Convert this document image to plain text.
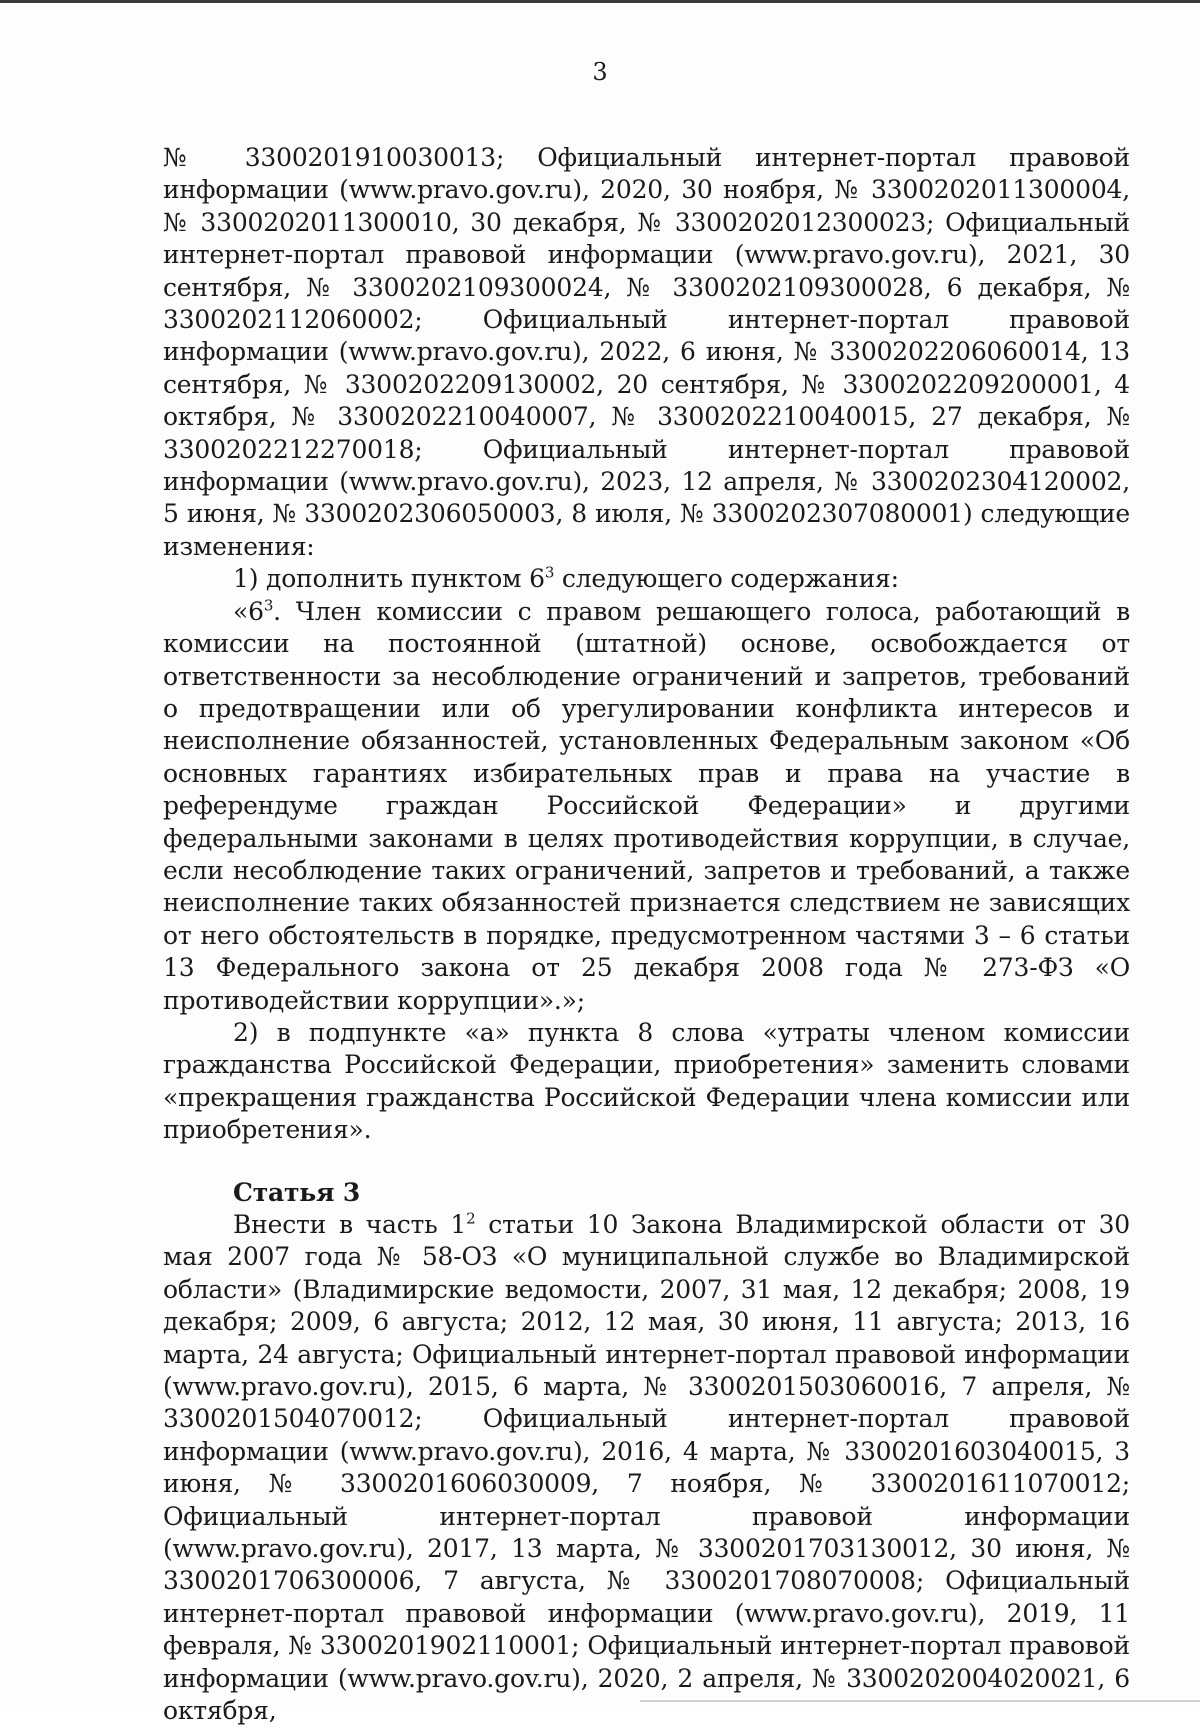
3

№ 3300201910030013; Официальный интернет-портал правовой информации (www.pravo.gov.ru), 2020, 30 ноября, № 3300202011300004, № 3300202011300010, 30 декабря, № 3300202012300023; Официальный интернет-портал правовой информации (www.pravo.gov.ru), 2021, 30 сентября, № 3300202109300024, № 3300202109300028, 6 декабря, № 3300202112060002; Официальный интернет-портал правовой информации (www.pravo.gov.ru), 2022, 6 июня, № 3300202206060014, 13 сентября, № 3300202209130002, 20 сентября, № 3300202209200001, 4 октября, № 3300202210040007, № 3300202210040015, 27 декабря, № 3300202212270018; Официальный интернет-портал правовой информации (www.pravo.gov.ru), 2023, 12 апреля, № 3300202304120002, 5 июня, № 3300202306050003, 8 июля, № 3300202307080001) следующие изменения:

1) дополнить пунктом $6^3$ следующего содержания:

«$6^3$. Член комиссии с правом решающего голоса, работающий в комиссии на постоянной (штатной) основе, освобождается от ответственности за несоблюдение ограничений и запретов, требований о предотвращении или об урегулировании конфликта интересов и неисполнение обязанностей, установленных Федеральным законом «Об основных гарантиях избирательных прав и права на участие в референдуме граждан Российской Федерации» и другими федеральными законами в целях противодействия коррупции, в случае, если несоблюдение таких ограничений, запретов и требований, а также неисполнение таких обязанностей признается следствием не зависящих от него обстоятельств в порядке, предусмотренном частями 3 – 6 статьи 13 Федерального закона от 25 декабря 2008 года № 273-ФЗ «О противодействии коррупции».»;

2) в подпункте «а» пункта 8 слова «утраты членом комиссии гражданства Российской Федерации, приобретения» заменить словами «прекращения гражданства Российской Федерации члена комиссии или приобретения».

Статья 3

Внести в часть $1^2$ статьи 10 Закона Владимирской области от 30 мая 2007 года № 58-ОЗ «О муниципальной службе во Владимирской области» (Владимирские ведомости, 2007, 31 мая, 12 декабря; 2008, 19 декабря; 2009, 6 августа; 2012, 12 мая, 30 июня, 11 августа; 2013, 16 марта, 24 августа; Официальный интернет-портал правовой информации (www.pravo.gov.ru), 2015, 6 марта, № 3300201503060016, 7 апреля, № 3300201504070012; Официальный интернет-портал правовой информации (www.pravo.gov.ru), 2016, 4 марта, № 3300201603040015, 3 июня, № 3300201606030009, 7 ноября, № 3300201611070012; Официальный интернет-портал правовой информации (www.pravo.gov.ru), 2017, 13 марта, № 3300201703130012, 30 июня, № 3300201706300006, 7 августа, № 3300201708070008; Официальный интернет-портал правовой информации (www.pravo.gov.ru), 2019, 11 февраля, № 3300201902110001; Официальный интернет-портал правовой информации (www.pravo.gov.ru), 2020, 2 апреля, № 3300202004020021, 6 октября,
